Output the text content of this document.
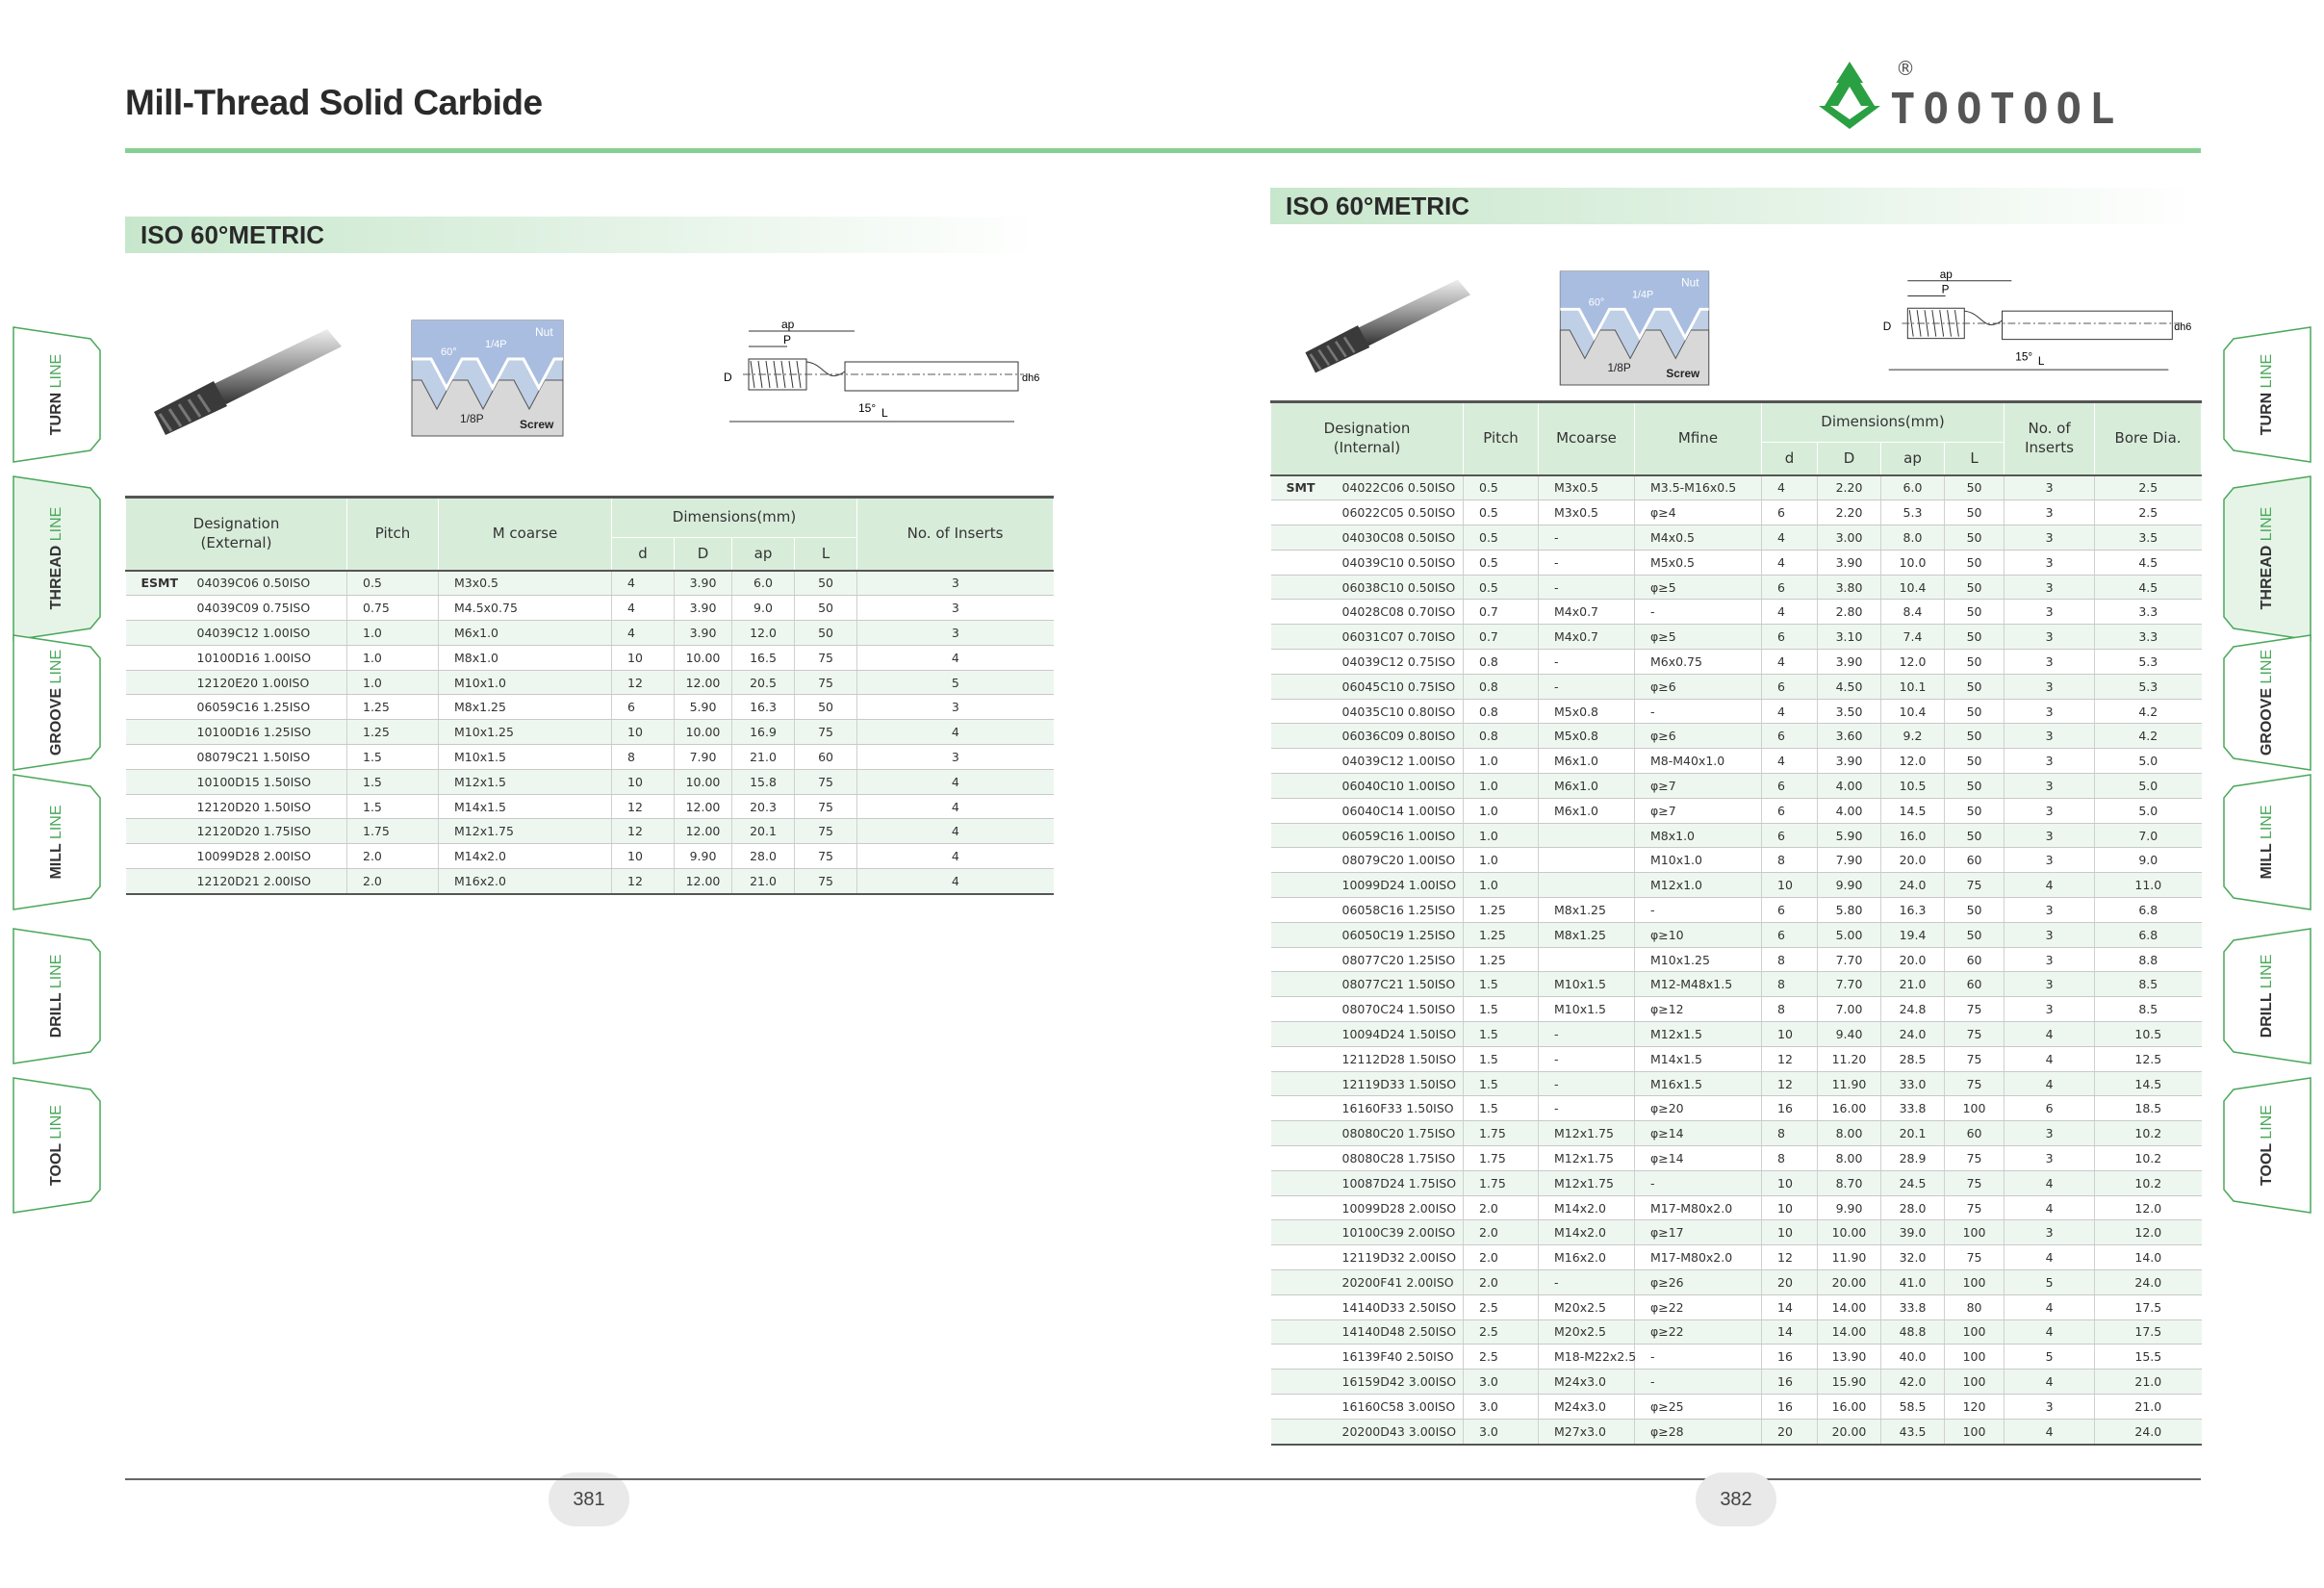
Mill-Thread Solid Carbide	TOOTOOL
®
TURN LINE
THREAD LINE
GROOVE LINE
MILL LINE
DRILL LINE
TOOL LINE
TURN LINE
THREAD LINE
GROOVE LINE
MILL LINE
DRILL LINE
TOOL LINE
ISO 60°METRIC
Nut
60°
1/4P
1/8P	Screw
ap
P
D	dh6
15° L
Designation
(External)	Pitch	M coarse	Dimensions(mm)				No. of Inserts
			d	D	ap	L	
ESMT 04039C06 0.50ISO	0.5	M3x0.5	4	3.90	6.0	50	3
04039C09 0.75ISO	0.75	M4.5x0.75	4	3.90	9.0	50	3
04039C12 1.00ISO	1.0	M6x1.0	4	3.90	12.0	50	3
10100D16 1.00ISO	1.0	M8x1.0	10	10.00	16.5	75	4
12120E20 1.00ISO	1.0	M10x1.0	12	12.00	20.5	75	5
06059C16 1.25ISO	1.25	M8x1.25	6	5.90	16.3	50	3
10100D16 1.25ISO	1.25	M10x1.25	10	10.00	16.9	75	4
08079C21 1.50ISO	1.5	M10x1.5	8	7.90	21.0	60	3
10100D15 1.50ISO	1.5	M12x1.5	10	10.00	15.8	75	4
12120D20 1.50ISO	1.5	M14x1.5	12	12.00	20.3	75	4
12120D20 1.75ISO	1.75	M12x1.75	12	12.00	20.1	75	4
10099D28 2.00ISO	2.0	M14x2.0	10	9.90	28.0	75	4
12120D21 2.00ISO	2.0	M16x2.0	12	12.00	21.0	75	4
381
ISO 60°METRIC
Nut
60°
1/4P
1/8P	Screw
ap
P
D	dh6
15° L
Designation
(Internal)	Pitch	Mcoarse	Mfine	Dimensions(mm)				No. of
Inserts	Bore Dia.
				d	D	ap	L		
SMT 04022C06 0.50ISO	0.5	M3x0.5	M3.5-M16x0.5	4	2.20	6.0	50	3	2.5
06022C05 0.50ISO	0.5	M3x0.5	φ≥4	6	2.20	5.3	50	3	2.5
04030C08 0.50ISO	0.5	-	M4x0.5	4	3.00	8.0	50	3	3.5
04039C10 0.50ISO	0.5	-	M5x0.5	4	3.90	10.0	50	3	4.5
06038C10 0.50ISO	0.5	-	φ≥5	6	3.80	10.4	50	3	4.5
04028C08 0.70ISO	0.7	M4x0.7	-	4	2.80	8.4	50	3	3.3
06031C07 0.70ISO	0.7	M4x0.7	φ≥5	6	3.10	7.4	50	3	3.3
04039C12 0.75ISO	0.8	-	M6x0.75	4	3.90	12.0	50	3	5.3
06045C10 0.75ISO	0.8	-	φ≥6	6	4.50	10.1	50	3	5.3
04035C10 0.80ISO	0.8	M5x0.8	-	4	3.50	10.4	50	3	4.2
06036C09 0.80ISO	0.8	M5x0.8	φ≥6	6	3.60	9.2	50	3	4.2
04039C12 1.00ISO	1.0	M6x1.0	M8-M40x1.0	4	3.90	12.0	50	3	5.0
06040C10 1.00ISO	1.0	M6x1.0	φ≥7	6	4.00	10.5	50	3	5.0
06040C14 1.00ISO	1.0	M6x1.0	φ≥7	6	4.00	14.5	50	3	5.0
06059C16 1.00ISO	1.0		M8x1.0	6	5.90	16.0	50	3	7.0
08079C20 1.00ISO	1.0		M10x1.0	8	7.90	20.0	60	3	9.0
10099D24 1.00ISO	1.0		M12x1.0	10	9.90	24.0	75	4	11.0
06058C16 1.25ISO	1.25	M8x1.25	-	6	5.80	16.3	50	3	6.8
06050C19 1.25ISO	1.25	M8x1.25	φ≥10	6	5.00	19.4	50	3	6.8
08077C20 1.25ISO	1.25		M10x1.25	8	7.70	20.0	60	3	8.8
08077C21 1.50ISO	1.5	M10x1.5	M12-M48x1.5	8	7.70	21.0	60	3	8.5
08070C24 1.50ISO	1.5	M10x1.5	φ≥12	8	7.00	24.8	75	3	8.5
10094D24 1.50ISO	1.5	-	M12x1.5	10	9.40	24.0	75	4	10.5
12112D28 1.50ISO	1.5	-	M14x1.5	12	11.20	28.5	75	4	12.5
12119D33 1.50ISO	1.5	-	M16x1.5	12	11.90	33.0	75	4	14.5
16160F33 1.50ISO	1.5	-	φ≥20	16	16.00	33.8	100	6	18.5
08080C20 1.75ISO	1.75	M12x1.75	φ≥14	8	8.00	20.1	60	3	10.2
08080C28 1.75ISO	1.75	M12x1.75	φ≥14	8	8.00	28.9	75	3	10.2
10087D24 1.75ISO	1.75	M12x1.75	-	10	8.70	24.5	75	4	10.2
10099D28 2.00ISO	2.0	M14x2.0	M17-M80x2.0	10	9.90	28.0	75	4	12.0
10100C39 2.00ISO	2.0	M14x2.0	φ≥17	10	10.00	39.0	100	3	12.0
12119D32 2.00ISO	2.0	M16x2.0	M17-M80x2.0	12	11.90	32.0	75	4	14.0
20200F41 2.00ISO	2.0	-	φ≥26	20	20.00	41.0	100	5	24.0
14140D33 2.50ISO	2.5	M20x2.5	φ≥22	14	14.00	33.8	80	4	17.5
14140D48 2.50ISO	2.5	M20x2.5	φ≥22	14	14.00	48.8	100	4	17.5
16139F40 2.50ISO	2.5	M18-M22x2.5	-	16	13.90	40.0	100	5	15.5
16159D42 3.00ISO	3.0	M24x3.0	-	16	15.90	42.0	100	4	21.0
16160C58 3.00ISO	3.0	M24x3.0	φ≥25	16	16.00	58.5	120	3	21.0
20200D43 3.00ISO	3.0	M27x3.0	φ≥28	20	20.00	43.5	100	4	24.0
382
